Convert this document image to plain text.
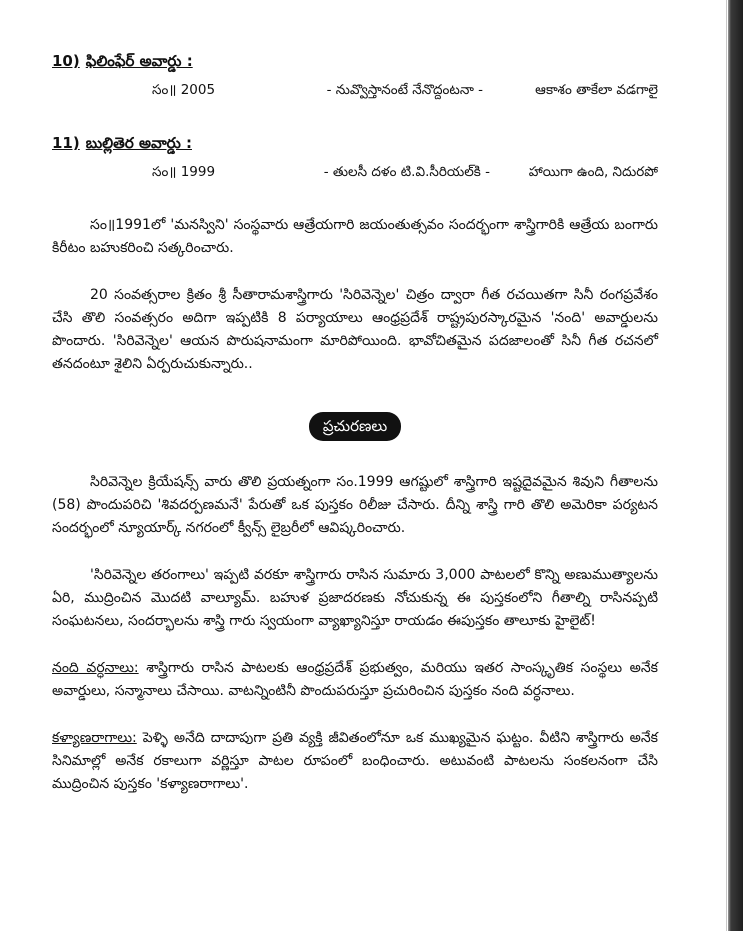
10) ఫిలింఫేర్ అవార్డు :
సం॥ 2005	- నువ్వొస్తానంటే నేనొద్దంటనా -	ఆకాశం తాకేలా వడగాలై
11) బుల్లితెర అవార్డు :
సం॥ 1999	- తులసీ దళం టి.వి.సీరియల్‌కి -	హాయిగా ఉంది, నిదురపో

సం॥1991లో 'మనస్విని' సంస్థవారు ఆత్రేయగారి జయంతుత్సవం సందర్భంగా శాస్త్రిగారికి ఆత్రేయ బంగారు కిరీటం బహుకరించి సత్కరించారు.

20 సంవత్సరాల క్రితం శ్రీ సీతారామశాస్త్రిగారు 'సిరివెన్నెల' చిత్రం ద్వారా గీత రచయితగా సినీ రంగప్రవేశం చేసి తొలి సంవత్సరం అదిగా ఇప్పటికి 8 పర్యాయాలు ఆంధ్రప్రదేశ్ రాష్ట్రపురస్కారమైన 'నంది' అవార్డులను పొందారు. 'సిరివెన్నెల' ఆయన పొరుషనామంగా మారిపోయింది. భావోచితమైన పదజాలంతో సినీ గీత రచనలో తనదంటూ శైలిని ఏర్పరుచుకున్నారు..

ప్రచురణలు

సిరివెన్నెల క్రియేషన్స్ వారు తొలి ప్రయత్నంగా సం.1999 ఆగష్టులో శాస్త్రిగారి ఇష్టదైవమైన శివుని గీతాలను (58) పొందుపరిచి 'శివదర్పణమనే' పేరుతో ఒక పుస్తకం రిలీజు చేసారు. దీన్ని శాస్త్రి గారి తొలి అమెరికా పర్యటన సందర్భంలో న్యూయార్క్ నగరంలో క్వీన్స్ లైబ్రరీలో ఆవిష్కరించారు.

'సిరివెన్నెల తరంగాలు' ఇప్పటి వరకూ శాస్త్రిగారు రాసిన సుమారు 3,000 పాటలలో కొన్ని అణుముత్యాలను ఏరి, ముద్రించిన మొదటి వాల్యూమ్. బహుళ ప్రజాదరణకు నోచుకున్న ఈ పుస్తకంలోని గీతాల్ని రాసినప్పటి సంఘటనలు, సందర్భాలను శాస్త్రి గారు స్వయంగా వ్యాఖ్యానిస్తూ రాయడం ఈపుస్తకం తాలూకు హైలైట్!

నంది వర్ధనాలు: శాస్త్రిగారు రాసిన పాటలకు ఆంధ్రప్రదేశ్ ప్రభుత్వం, మరియు ఇతర సాంస్కృతిక సంస్థలు అనేక అవార్డులు, సన్మానాలు చేసాయి. వాటన్నింటినీ పొందుపరుస్తూ ప్రచురించిన పుస్తకం నంది వర్ధనాలు.

కళ్యాణరాగాలు: పెళ్ళి అనేది దాదాపుగా ప్రతి వ్యక్తి జీవితంలోనూ ఒక ముఖ్యమైన ఘట్టం. వీటిని శాస్త్రిగారు అనేక సినిమాల్లో అనేక రకాలుగా వర్ణిస్తూ పాటల రూపంలో బంధించారు. అటువంటి పాటలను సంకలనంగా చేసి ముద్రించిన పుస్తకం 'కళ్యాణరాగాలు'.
